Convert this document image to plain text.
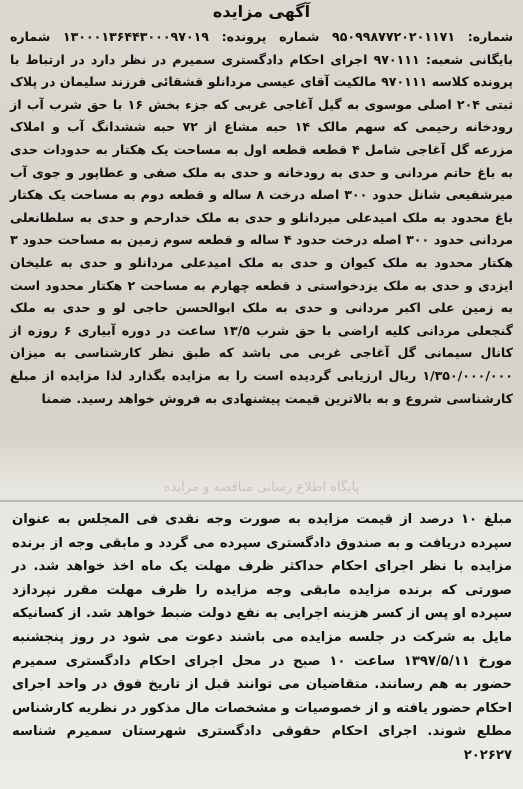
آگهی مزایده

شماره: ۹۵۰۹۹۸۷۷۲۰۲۰۱۱۷۱ شماره پرونده: ۱۳۰۰۰۱۳۶۴۴۳۰۰۰۹۷۰۱۹ شماره بایگانی شعبه: ۹۷۰۱۱۱ اجرای احکام دادگستری سمیرم در نظر دارد در ارتباط با پرونده کلاسه ۹۷۰۱۱۱ مالکیت آقای عیسی مردانلو قشقائی فرزند سلیمان در پلاک ثبتی ۲۰۴ اصلی موسوی به گیل آغاجی غربی که جزء بخش ۱۶ با حق شرب آب از رودخانه رحیمی که سهم مالک ۱۴ حبه مشاع از ۷۲ حبه ششدانگ آب و املاک مزرعه گل آغاجی شامل ۴ قطعه قطعه اول به مساحت یک هکتار به حدودات حدی به باغ حاتم مردانی و حدی به رودخانه و حدی به ملک صفی و عطاپور و جوی آب میرشفیعی شانل حدود ۳۰۰ اصله درخت ۸ ساله و قطعه دوم به مساحت یک هکتار باغ محدود به ملک امیدعلی میردانلو و حدی به ملک خدارحم و حدی به سلطانعلی مردانی حدود ۳۰۰ اصله درخت حدود ۴ ساله و قطعه سوم زمین به مساحت حدود ۳ هکتار محدود به ملک کیوان و حدی به ملک امیدعلی مردانلو و حدی به علیخان ایزدی و حدی به ملک یزدخواستی د قطعه چهارم به مساحت ۲ هکتار محدود است به زمین علی اکبر مردانی و حدی به ملک ابوالحسن حاجی لو و حدی به ملک گنجعلی مردانی کلیه اراضی با حق شرب ۱۳/۵ ساعت در دوره آبیاری ۶ روزه از کانال سیمانی گل آغاجی غربی می باشد که طبق نظر کارشناسی به میزان ۱/۳۵۰/۰۰۰/۰۰۰ ریال ارزیابی گردیده است را به مزایده بگذارد لذا مزایده از مبلغ کارشناسی شروع و به بالاترین قیمت پیشنهادی به فروش خواهد رسید. ضمنا

پایگاه اطلاع رسانی مناقصه و مزایده

مبلغ ۱۰ درصد از قیمت مزایده به صورت وجه نقدی فی المجلس به عنوان سپرده دریافت و به صندوق دادگستری سپرده می گردد و مابقی وجه از برنده مزایده با نظر اجرای احکام حداکثر ظرف مهلت یک ماه اخذ خواهد شد. در صورتی که برنده مزایده مابقی وجه مزایده را ظرف مهلت مقرر نپردازد سپرده او پس از کسر هزینه اجرایی به نفع دولت ضبط خواهد شد. از کسانیکه مایل به شرکت در جلسه مزایده می باشند دعوت می شود در روز پنجشنبه مورخ ۱۳۹۷/۵/۱۱ ساعت ۱۰ صبح در محل اجرای احکام دادگستری سمیرم حضور به هم رسانند. متقاضیان می توانند قبل از تاریخ فوق در واحد اجرای احکام حضور یافته و از خصوصیات و مشخصات مال مذکور در نظریه کارشناس مطلع شوند. اجرای احکام حقوقی دادگستری شهرستان سمیرم شناسه ۲۰۲۶۲۷
